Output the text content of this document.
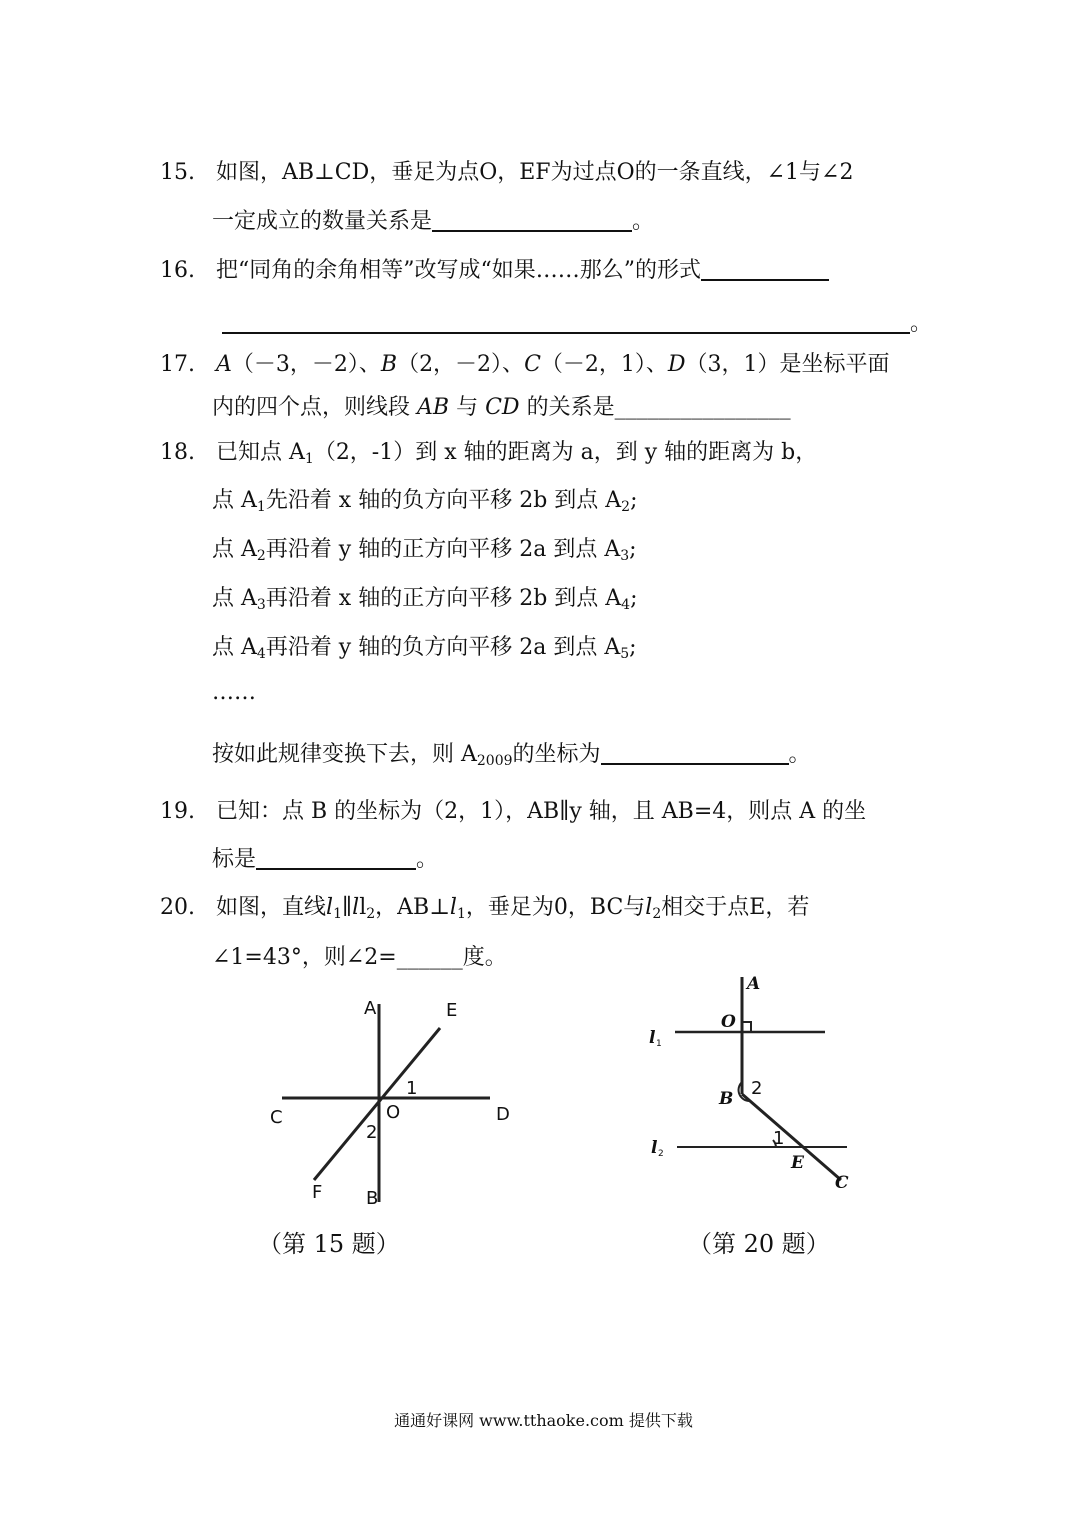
15. 如图，AB⊥CD，垂足为点O，EF为过点O的一条直线，∠1与∠2
一定成立的数量关系是	。
16. 把“同角的余角相等”改写成“如果……那么”的形式
。
17. A（－3，－2）、B（2，－2）、C（－2，1）、D（3，1）是坐标平面
内的四个点，则线段 AB 与 CD 的关系是________________
18. 已知点 $A_1(2$，-1）到 x 轴的距离为 a，到 y 轴的距离为 b，
点 $A_1$先沿着 x 轴的负方向平移 2b 到点 $A_2$;
点 $A_2$再沿着 y 轴的正方向平移 2a 到点 $A_3$;
点 $A_3$再沿着 x 轴的正方向平移 2b 到点 $A_4$;
点 $A_4$再沿着 y 轴的负方向平移 2a 到点 $A_5$;
……
按如此规律变换下去，则 $A_{2009}$的坐标为	。
19. 已知：点 B 的坐标为（2，1），AB∥y 轴，且 AB=4，则点 A 的坐
标是	。
20. 如图，直线$l_1\parallel ll_2$，$AB\perp l_1$，垂足为0，BC与$l_2$相交于点E，若
∠1=43°，则∠2=______度。
A	E
C	D
O
1
2
F B
（第 15 题）
A
O
l 1
B 2
l 2
1
E
C
（第 20 题）
通通好课网 www.tthaoke.com 提供下载
